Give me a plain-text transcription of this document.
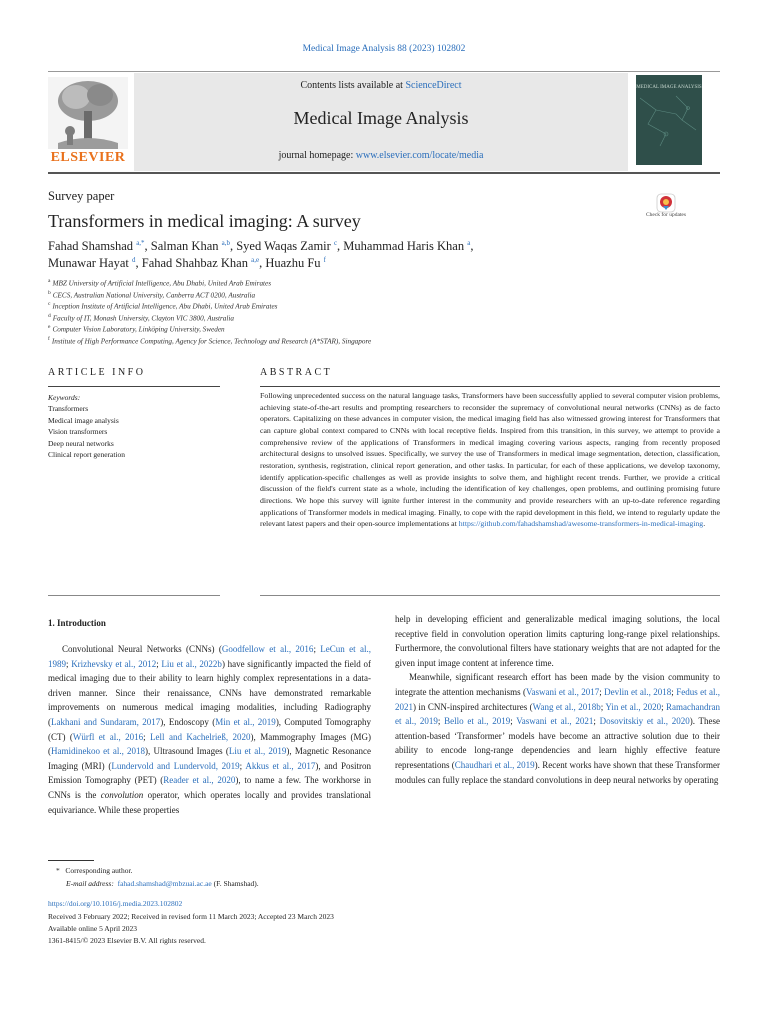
Medical Image Analysis 88 (2023) 102802
ELSEVIER
Contents lists available at ScienceDirect
Medical Image Analysis
journal homepage: www.elsevier.com/locate/media
MEDICAL IMAGE ANALYSIS
Survey paper
Transformers in medical imaging: A survey	Check for updates
Fahad Shamshad $^{a,*}$, Salman Khan $^{a,b}$, Syed Waqas Zamir $^c$, Muhammad Haris Khan $^a$,
Munawar Hayat $^d$, Fahad Shahbaz Khan $^{a,e}$, Huazhu Fu $^f$
$^a$ MBZ University of Artificial Intelligence, Abu Dhabi, United Arab Emirates
$^b$ CECS, Australian National University, Canberra ACT 0200, Australia
$^c$ Inception Institute of Artificial Intelligence, Abu Dhabi, United Arab Emirates
$^d$ Faculty of IT, Monash University, Clayton VIC 3800, Australia
$^e$ Computer Vision Laboratory, Linköping University, Sweden
$^f$ Institute of High Performance Computing, Agency for Science, Technology and Research (A*STAR), Singapore
ARTICLE INFO	ABSTRACT
Keywords:
Transformers
Medical image analysis
Vision transformers
Deep neural networks
Clinical report generation
Following unprecedented success on the natural language tasks, Transformers have been successfully applied to several computer vision problems, achieving state-of-the-art results and prompting researchers to reconsider the supremacy of convolutional neural networks (CNNs) as de facto operators. Capitalizing on these advances in computer vision, the medical imaging field has also witnessed growing interest for Transformers that can capture global context compared to CNNs with local receptive fields. Inspired from this transition, in this survey, we attempt to provide a comprehensive review of the applications of Transformers in medical imaging covering various aspects, ranging from recently proposed architectural designs to unsolved issues. Specifically, we survey the use of Transformers in medical image segmentation, detection, classification, restoration, synthesis, registration, clinical report generation, and other tasks. In particular, for each of these applications, we develop taxonomy, identify application-specific challenges as well as provide insights to solve them, and highlight recent trends. Further, we provide a critical discussion of the field's current state as a whole, including the identification of key challenges, open problems, and outlining promising future directions. We hope this survey will ignite further interest in the community and provide researchers with an up-to-date reference regarding applications of Transformer models in medical imaging. Finally, to cope with the rapid development in this field, we intend to regularly update the relevant latest papers and their open-source implementations at https://github.com/fahadshamshad/awesome-transformers-in-medical-imaging.
1. Introduction

Convolutional Neural Networks (CNNs) (Goodfellow et al., 2016; LeCun et al., 1989; Krizhevsky et al., 2012; Liu et al., 2022b) have significantly impacted the field of medical imaging due to their ability to learn highly complex representations in a data-driven manner. Since their renaissance, CNNs have demonstrated remarkable improvements on numerous medical imaging modalities, including Radiography (Lakhani and Sundaram, 2017), Endoscopy (Min et al., 2019), Computed Tomography (CT) (Würfl et al., 2016; Lell and Kachelrieß, 2020), Mammography Images (MG) (Hamidinekoo et al., 2018), Ultrasound Images (Liu et al., 2019), Magnetic Resonance Imaging (MRI) (Lundervold and Lundervold, 2019; Akkus et al., 2017), and Positron Emission Tomography (PET) (Reader et al., 2020), to name a few. The workhorse in CNNs is the convolution operator, which operates locally and provides translational equivariance. While these properties

help in developing efficient and generalizable medical imaging solutions, the local receptive field in convolution operation limits capturing long-range pixel relationships. Furthermore, the convolutional filters have stationary weights that are not adapted for the given input image content at inference time.

Meanwhile, significant research effort has been made by the vision community to integrate the attention mechanisms (Vaswani et al., 2017; Devlin et al., 2018; Fedus et al., 2021) in CNN-inspired architectures (Wang et al., 2018b; Yin et al., 2020; Ramachandran et al., 2019; Bello et al., 2019; Vaswani et al., 2021; Dosovitskiy et al., 2020). These attention-based ‘Transformer’ models have become an attractive solution due to their ability to encode long-range dependencies and learn highly effective feature representations (Chaudhari et al., 2019). Recent works have shown that these Transformer modules can fully replace the standard convolutions in deep neural networks by operating

* Corresponding author.
E-mail address: fahad.shamshad@mbzuai.ac.ae (F. Shamshad).
https://doi.org/10.1016/j.media.2023.102802
Received 3 February 2022; Received in revised form 11 March 2023; Accepted 23 March 2023
Available online 5 April 2023
1361-8415/© 2023 Elsevier B.V. All rights reserved.
